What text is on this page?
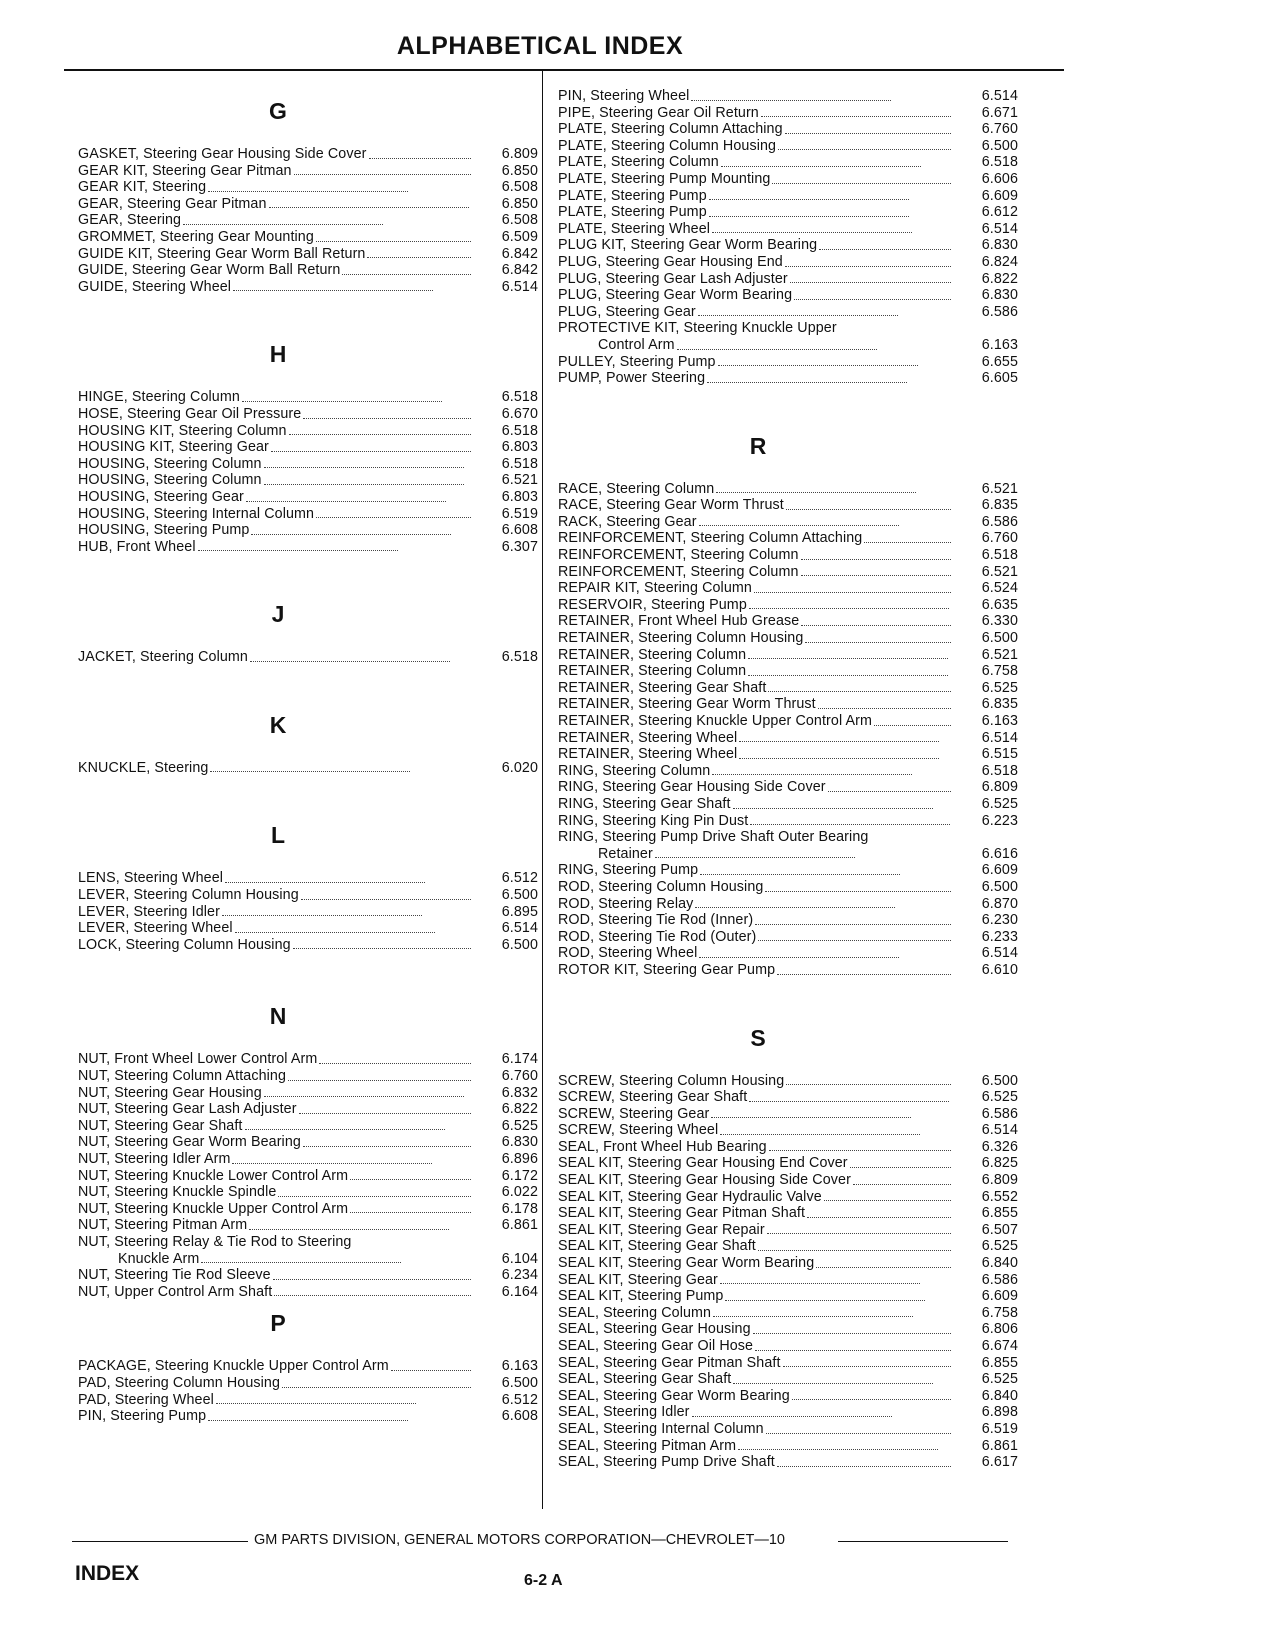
ALPHABETICAL INDEX
G
GASKET, Steering Gear Housing Side Cover	6.809
GEAR KIT, Steering Gear Pitman	6.850
GEAR KIT, Steering	6.508
GEAR, Steering Gear Pitman	6.850
GEAR, Steering	6.508
GROMMET, Steering Gear Mounting	6.509
GUIDE KIT, Steering Gear Worm Ball Return	6.842
GUIDE, Steering Gear Worm Ball Return	6.842
GUIDE, Steering Wheel	6.514
H
HINGE, Steering Column	6.518
HOSE, Steering Gear Oil Pressure	6.670
HOUSING KIT, Steering Column	6.518
HOUSING KIT, Steering Gear	6.803
HOUSING, Steering Column	6.518
HOUSING, Steering Column	6.521
HOUSING, Steering Gear	6.803
HOUSING, Steering Internal Column	6.519
HOUSING, Steering Pump	6.608
HUB, Front Wheel	6.307
J
JACKET, Steering Column	6.518
K
KNUCKLE, Steering	6.020
L
LENS, Steering Wheel	6.512
LEVER, Steering Column Housing	6.500
LEVER, Steering Idler	6.895
LEVER, Steering Wheel	6.514
LOCK, Steering Column Housing	6.500
N
NUT, Front Wheel Lower Control Arm	6.174
NUT, Steering Column Attaching	6.760
NUT, Steering Gear Housing	6.832
NUT, Steering Gear Lash Adjuster	6.822
NUT, Steering Gear Shaft	6.525
NUT, Steering Gear Worm Bearing	6.830
NUT, Steering Idler Arm	6.896
NUT, Steering Knuckle Lower Control Arm	6.172
NUT, Steering Knuckle Spindle	6.022
NUT, Steering Knuckle Upper Control Arm	6.178
NUT, Steering Pitman Arm	6.861
NUT, Steering Relay & Tie Rod to Steering
Knuckle Arm	6.104
NUT, Steering Tie Rod Sleeve	6.234
NUT, Upper Control Arm Shaft	6.164
P
PACKAGE, Steering Knuckle Upper Control Arm	6.163
PAD, Steering Column Housing	6.500
PAD, Steering Wheel	6.512
PIN, Steering Pump	6.608
PIN, Steering Wheel	6.514
PIPE, Steering Gear Oil Return	6.671
PLATE, Steering Column Attaching	6.760
PLATE, Steering Column Housing	6.500
PLATE, Steering Column	6.518
PLATE, Steering Pump Mounting	6.606
PLATE, Steering Pump	6.609
PLATE, Steering Pump	6.612
PLATE, Steering Wheel	6.514
PLUG KIT, Steering Gear Worm Bearing	6.830
PLUG, Steering Gear Housing End	6.824
PLUG, Steering Gear Lash Adjuster	6.822
PLUG, Steering Gear Worm Bearing	6.830
PLUG, Steering Gear	6.586
PROTECTIVE KIT, Steering Knuckle Upper
Control Arm	6.163
PULLEY, Steering Pump	6.655
PUMP, Power Steering	6.605
R
RACE, Steering Column	6.521
RACE, Steering Gear Worm Thrust	6.835
RACK, Steering Gear	6.586
REINFORCEMENT, Steering Column Attaching	6.760
REINFORCEMENT, Steering Column	6.518
REINFORCEMENT, Steering Column	6.521
REPAIR KIT, Steering Column	6.524
RESERVOIR, Steering Pump	6.635
RETAINER, Front Wheel Hub Grease	6.330
RETAINER, Steering Column Housing	6.500
RETAINER, Steering Column	6.521
RETAINER, Steering Column	6.758
RETAINER, Steering Gear Shaft	6.525
RETAINER, Steering Gear Worm Thrust	6.835
RETAINER, Steering Knuckle Upper Control Arm	6.163
RETAINER, Steering Wheel	6.514
RETAINER, Steering Wheel	6.515
RING, Steering Column	6.518
RING, Steering Gear Housing Side Cover	6.809
RING, Steering Gear Shaft	6.525
RING, Steering King Pin Dust	6.223
RING, Steering Pump Drive Shaft Outer Bearing
Retainer	6.616
RING, Steering Pump	6.609
ROD, Steering Column Housing	6.500
ROD, Steering Relay	6.870
ROD, Steering Tie Rod (Inner)	6.230
ROD, Steering Tie Rod (Outer)	6.233
ROD, Steering Wheel	6.514
ROTOR KIT, Steering Gear Pump	6.610
S
SCREW, Steering Column Housing	6.500
SCREW, Steering Gear Shaft	6.525
SCREW, Steering Gear	6.586
SCREW, Steering Wheel	6.514
SEAL, Front Wheel Hub Bearing	6.326
SEAL KIT, Steering Gear Housing End Cover	6.825
SEAL KIT, Steering Gear Housing Side Cover	6.809
SEAL KIT, Steering Gear Hydraulic Valve	6.552
SEAL KIT, Steering Gear Pitman Shaft	6.855
SEAL KIT, Steering Gear Repair	6.507
SEAL KIT, Steering Gear Shaft	6.525
SEAL KIT, Steering Gear Worm Bearing	6.840
SEAL KIT, Steering Gear	6.586
SEAL KIT, Steering Pump	6.609
SEAL, Steering Column	6.758
SEAL, Steering Gear Housing	6.806
SEAL, Steering Gear Oil Hose	6.674
SEAL, Steering Gear Pitman Shaft	6.855
SEAL, Steering Gear Shaft	6.525
SEAL, Steering Gear Worm Bearing	6.840
SEAL, Steering Idler	6.898
SEAL, Steering Internal Column	6.519
SEAL, Steering Pitman Arm	6.861
SEAL, Steering Pump Drive Shaft	6.617
GM PARTS DIVISION, GENERAL MOTORS CORPORATION—CHEVROLET—10
INDEX	6-2 A
